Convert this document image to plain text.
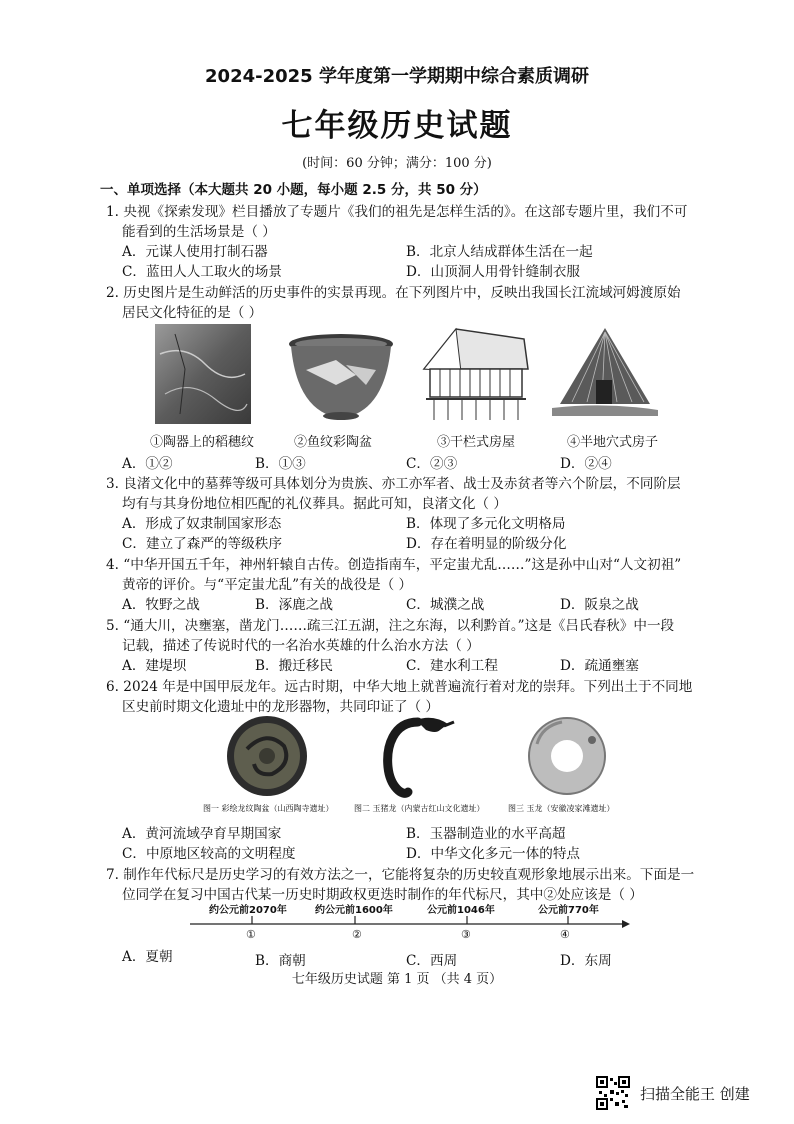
2024-2025 学年度第一学期期中综合素质调研
七年级历史试题
(时间：60 分钟；满分：100 分)
一、单项选择（本大题共 20 小题，每小题 2.5 分，共 50 分）
1. 央视《探索发现》栏目播放了专题片《我们的祖先是怎样生活的》。在这部专题片里，我们不可
能看到的生活场景是（ ）
A．元谋人使用打制石器	B．北京人结成群体生活在一起
C．蓝田人人工取火的场景	D．山顶洞人用骨针缝制衣服
2. 历史图片是生动鲜活的历史事件的实景再现。在下列图片中，反映出我国长江流域河姆渡原始
居民文化特征的是（ ）
①陶器上的稻穗纹	②鱼纹彩陶盆	③干栏式房屋	④半地穴式房子
A．①②	B．①③	C．②③	D．②④
3. 良渚文化中的墓葬等级可具体划分为贵族、亦工亦军者、战士及赤贫者等六个阶层，不同阶层
均有与其身份地位相匹配的礼仪葬具。据此可知，良渚文化（ ）
A．形成了奴隶制国家形态	B．体现了多元化文明格局
C．建立了森严的等级秩序	D．存在着明显的阶级分化
4. “中华开国五千年，神州轩辕自古传。创造指南车，平定蚩尤乱……”这是孙中山对“人文初祖”
黄帝的评价。与“平定蚩尤乱”有关的战役是（ ）
A．牧野之战	B．涿鹿之战	C．城濮之战	D．阪泉之战
5. “通大川，决壅塞，凿龙门……疏三江五湖，注之东海，以利黔首。”这是《吕氏春秋》中一段
记载，描述了传说时代的一名治水英雄的什么治水方法（ ）
A．建堤坝	B．搬迁移民	C．建水利工程	D．疏通壅塞
6. 2024 年是中国甲辰龙年。远古时期，中华大地上就普遍流行着对龙的崇拜。下列出土于不同地
区史前时期文化遗址中的龙形器物，共同印证了（ ）
图一 彩绘龙纹陶盆（山西陶寺遗址）	图二 玉猪龙（内蒙古红山文化遗址）	图三 玉龙（安徽凌家滩遗址）
A．黄河流域孕育早期国家	B．玉器制造业的水平高超
C．中原地区较高的文明程度	D．中华文化多元一体的特点
7. 制作年代标尺是历史学习的有效方法之一，它能将复杂的历史较直观形象地展示出来。下面是一
位同学在复习中国古代某一历史时期政权更迭时制作的年代标尺，其中②处应该是（ ）
约公元前2070年	约公元前1600年	公元前1046年	公元前770年
①	②	③	④
A．夏朝	B．商朝	C．西周	D．东周
七年级历史试题 第 1 页 （共 4 页）
扫描全能王 创建
